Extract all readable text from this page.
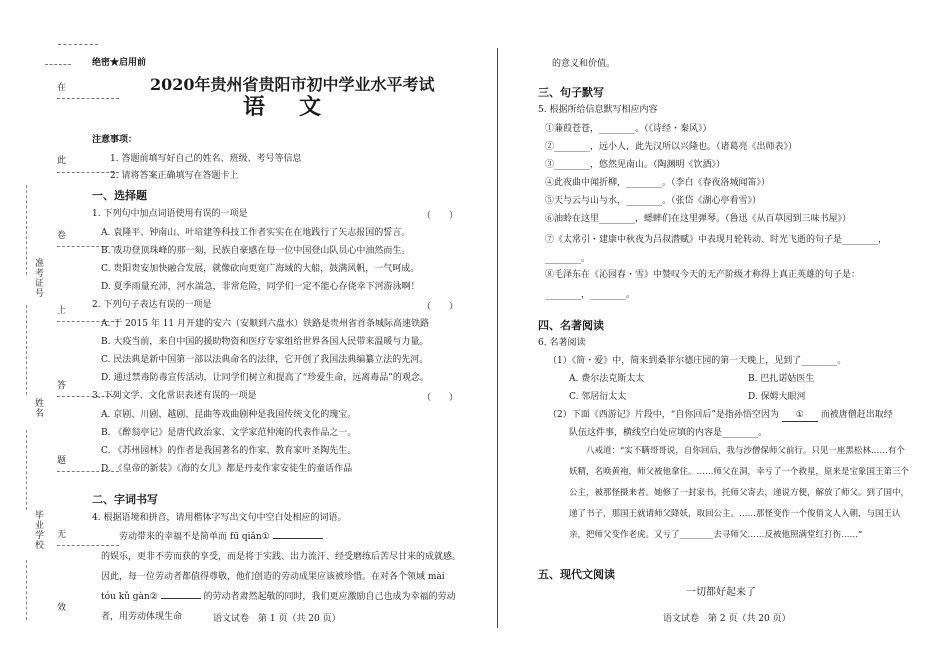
绝密★启用前
在
此
卷
上
答
题
无
效
准考证号
姓名
毕业学校
2020年贵州省贵阳市初中学业水平考试
语　文
注意事项：
1. 答题前填写好自己的姓名、班级、考号等信息
2. 请将答案正确填写在答题卡上
一、选择题
1. 下列句中加点词语使用有误的一项是	（　　）
A. 袁隆平、钟南山、叶培建等科技工作者实实在在地践行了矢志报国的誓言。
B. 成功登顶珠峰的那一刻，民族自豪感在每一位中国登山队员心中油然而生。
C. 贵阳贵安加快融合发展，就像砍向更宽广海域的大船，鼓满风帆，一气呵成。
D. 夏季雨量充沛，河水湍急，非常危险，同学们一定不能心存侥幸下河游泳啊！
2. 下列句子表达有误的一项是	（　　）
A. 于 2015 年 11 月开建的安六（安顺到六盘水）铁路是贵州省首条城际高速铁路
B. 大疫当前，来自中国的援助物资和医疗专家组给世界各国人民带来温暖与力量。
C. 民法典是新中国第一部以法典命名的法律，它开创了我国法典编纂立法的先河。
D. 通过禁毒防毒宣传活动，让同学们树立和提高了“珍爱生命，远离毒品”的观念。
3. 下列文学、文化常识表述有误的一项是	（　　）
A. 京剧、川剧、越剧、昆曲等戏曲剧种是我国传统文化的瑰宝。
B. 《醉翁亭记》是唐代政治家、文学家范仲淹的代表作品之一。
C. 《苏州园林》的作者是我国著名的作家、教育家叶圣陶先生。
D. 《皇帝的新装》《海的女儿》都是丹麦作家安徒生的童话作品
二、字词书写
4. 根据语境和拼音，请用楷体字写出文句中空白处相应的词语。
劳动带来的幸福不是简单而 fū qiǎn①
的娱乐，更非不劳而获的享受，而是将于实践、出力流汗、经受磨练后苦尽甘来的成就感。因此，每一位劳动者都值得尊敬，他们创造的劳动成果应该被珍惜。在对各个领域 mài tóu kǔ gàn②	的劳动者肃然起敬的同时，我们更应激励自己也成为幸福的劳动者，用劳动体现生命	语文试卷　第 1 页（共 20 页）
的意义和价值。
三、句子默写
5. 根据所给信息默写相应内容
①蒹葭苍苍，________。（《诗经・秦风》）
②________，远小人，此先汉所以兴隆也。（诸葛亮《出师表》）
③________，悠然见南山。（陶渊明《饮酒》）
④此夜曲中闻折柳，________。（李白《春夜洛城闻笛》）
⑤天与云与山与水，________。（张岱《湖心亭看雪》）
⑥油蛉在这里________，蟋蟀们在这里弹琴。（鲁迅《从百草园到三味书屋》）
⑦《太常引・建康中秋夜为吕叔潜赋》中表现月轮转动、时光飞逝的句子是________，
________。
⑧毛泽东在《沁园春・雪》中赞叹今天的无产阶级才称得上真正英雄的句子是：
________，________。
四、名著阅读
6. 名著阅读
（1）《简・爱》中，简来到桑菲尔德庄园的第一天晚上，见到了________。
A. 费尔法克斯太太	B. 巴扎诺姑医生
C. 邻居衍太太	D. 保姆大眼河
（2）下面《西游记》片段中，“自你回后”是指孙悟空因为 ① 而被唐僧赶出取经
队伍这件事，横线空白处应填的内容是________。
八戒道：“实不瞒哥哥说，自你回后，我与沙僧保师父前行。只见一座黑松林……有个妖精，名唤黄袍，师父被他拿住。……师父在洞，幸亏了一个救星，原来是宝象国王第三个公主，被那怪摄来者。她修了一封家书，托师父寄去，递说方便，解放了师父。到了国中，递了书子，那国王就请师父降妖，取回公主。……那怪变作一个俊俏文人入朝，与国王认亲，把师父变作老虎。又亏了________去寻师父……反被他照满堂红打伤……”
五、现代文阅读
一切都好起来了
语文试卷　第 2 页（共 20 页）
